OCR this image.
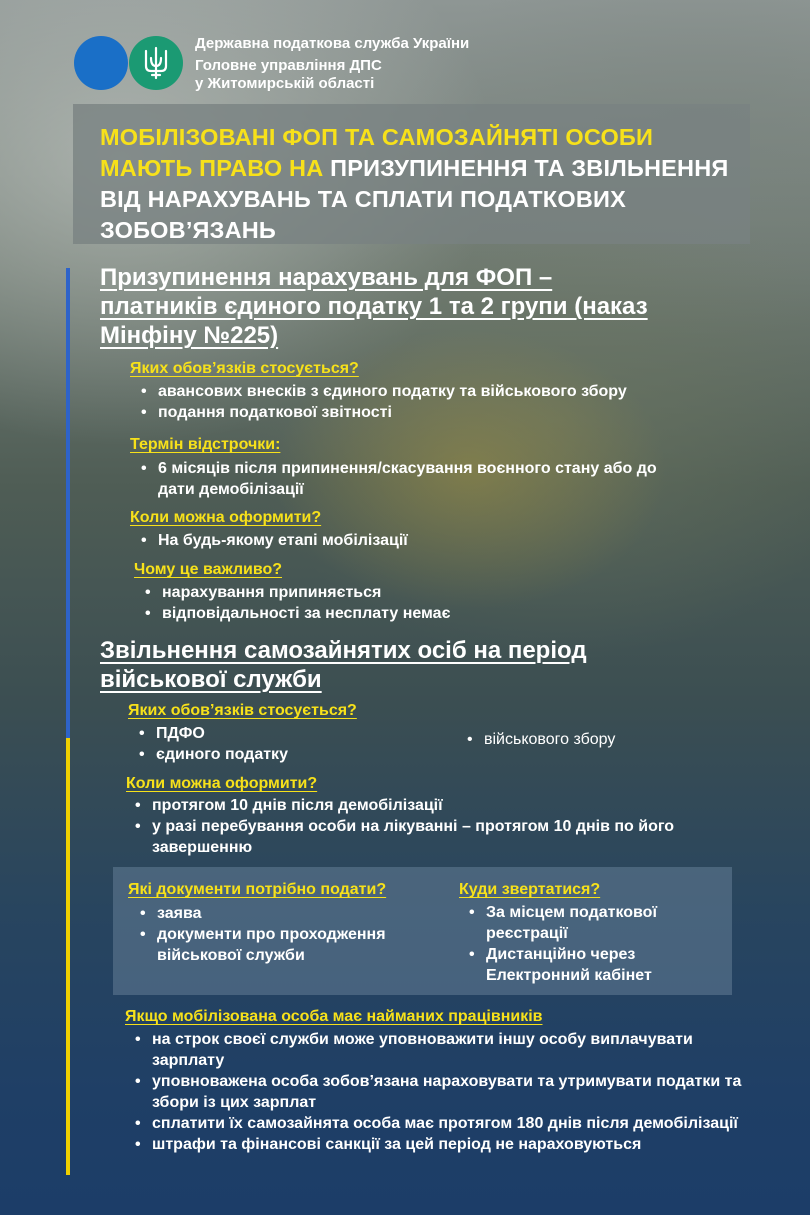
Державна податкова служба України
Головне управління ДПС
у Житомирській області
МОБІЛІЗОВАНІ ФОП ТА САМОЗАЙНЯТІ ОСОБИ МАЮТЬ ПРАВО НА ПРИЗУПИНЕННЯ ТА ЗВІЛЬНЕННЯ ВІД НАРАХУВАНЬ ТА СПЛАТИ ПОДАТКОВИХ ЗОБОВ’ЯЗАНЬ
Призупинення нарахувань для ФОП – платників єдиного податку 1 та 2 групи (наказ Мінфіну №225)
Яких обов’язків стосується?
• авансових внесків з єдиного податку та військового збору
• подання податкової звітності
Термін відстрочки:
• 6 місяців після припинення/скасування воєнного стану або до дати демобілізації
Коли можна оформити?
• На будь-якому етапі мобілізації
Чому це важливо?
• нарахування припиняється
• відповідальності за несплату немає
Звільнення самозайнятих осіб на період військової служби
Яких обов’язків стосується?
• ПДФО
• єдиного податку
• військового збору
Коли можна оформити?
• протягом 10 днів після демобілізації
• у разі перебування особи на лікуванні – протягом 10 днів по його завершенню
Які документи потрібно подати?
• заява
• документи про проходження військової служби
Куди звертатися?
• За місцем податкової реєстрації
• Дистанційно через Електронний кабінет
Якщо мобілізована особа має найманих працівників
• на строк своєї служби може уповноважити іншу особу виплачувати зарплату
• уповноважена особа зобов’язана нараховувати та утримувати податки та збори із цих зарплат
• сплатити їх самозайнята особа має протягом 180 днів після демобілізації
• штрафи та фінансові санкції за цей період не нараховуються
